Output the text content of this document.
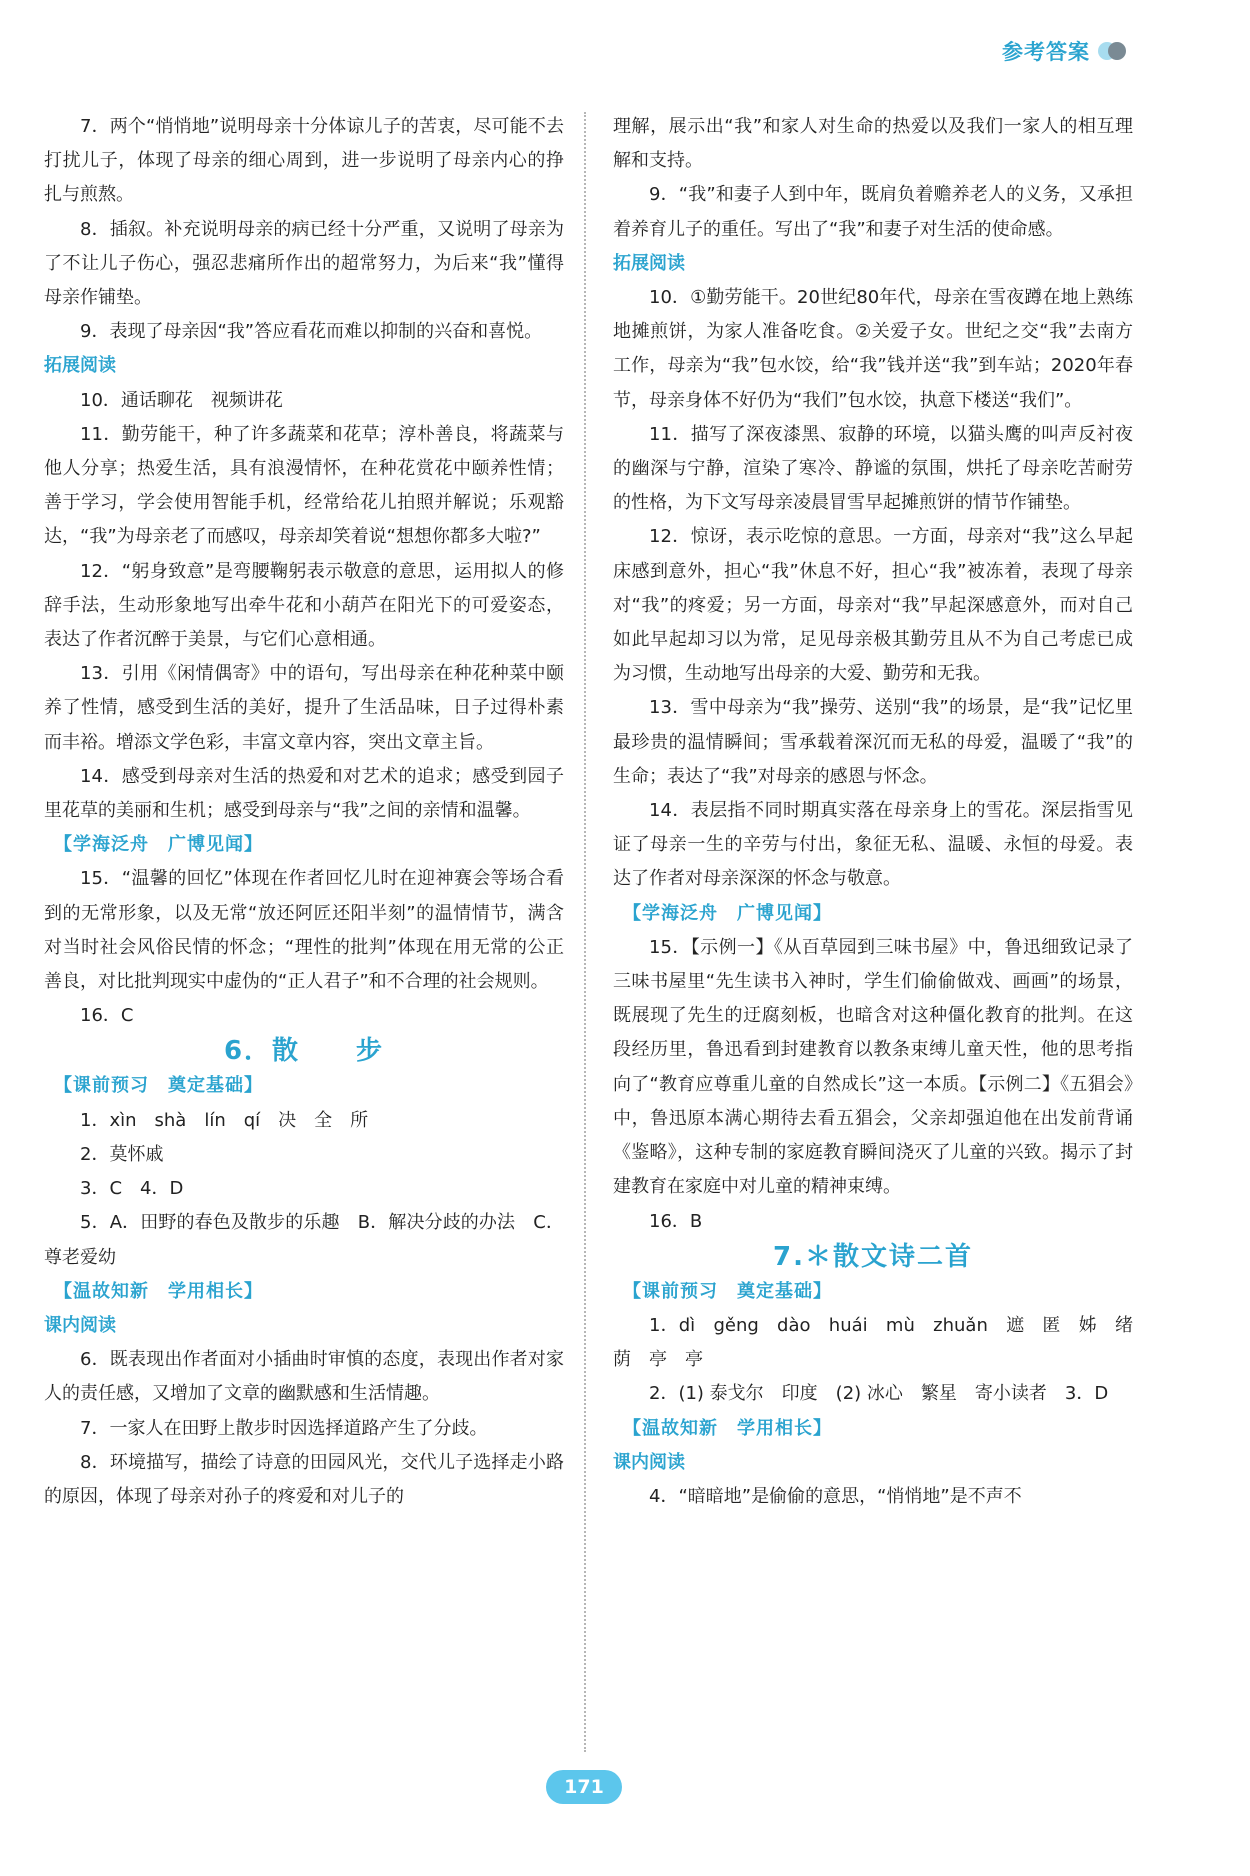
参考答案
7．两个“悄悄地”说明母亲十分体谅儿子的苦衷，尽可能不去打扰儿子，体现了母亲的细心周到，进一步说明了母亲内心的挣扎与煎熬。
8．插叙。补充说明母亲的病已经十分严重，又说明了母亲为了不让儿子伤心，强忍悲痛所作出的超常努力，为后来“我”懂得母亲作铺垫。
9．表现了母亲因“我”答应看花而难以抑制的兴奋和喜悦。
拓展阅读
10．通话聊花　视频讲花
11．勤劳能干，种了许多蔬菜和花草；淳朴善良，将蔬菜与他人分享；热爱生活，具有浪漫情怀，在种花赏花中颐养性情；善于学习，学会使用智能手机，经常给花儿拍照并解说；乐观豁达，“我”为母亲老了而感叹，母亲却笑着说“想想你都多大啦?”
12．“躬身致意”是弯腰鞠躬表示敬意的意思，运用拟人的修辞手法，生动形象地写出牵牛花和小葫芦在阳光下的可爱姿态，表达了作者沉醉于美景，与它们心意相通。
13．引用《闲情偶寄》中的语句，写出母亲在种花种菜中颐养了性情，感受到生活的美好，提升了生活品味，日子过得朴素而丰裕。增添文学色彩，丰富文章内容，突出文章主旨。
14．感受到母亲对生活的热爱和对艺术的追求；感受到园子里花草的美丽和生机；感受到母亲与“我”之间的亲情和温馨。
【学海泛舟　广博见闻】
15．“温馨的回忆”体现在作者回忆儿时在迎神赛会等场合看到的无常形象，以及无常“放还阿匠还阳半刻”的温情情节，满含对当时社会风俗民情的怀念；“理性的批判”体现在用无常的公正善良，对比批判现实中虚伪的“正人君子”和不合理的社会规则。
16．C
6．散　　步
【课前预习　奠定基础】
1．xìn　shà　lín　qí　决　全　所
2．莫怀戚
3．C　4．D
5．A．田野的春色及散步的乐趣　B．解决分歧的办法　C．尊老爱幼
【温故知新　学用相长】
课内阅读
6．既表现出作者面对小插曲时审慎的态度，表现出作者对家人的责任感，又增加了文章的幽默感和生活情趣。
7．一家人在田野上散步时因选择道路产生了分歧。
8．环境描写，描绘了诗意的田园风光，交代儿子选择走小路的原因，体现了母亲对孙子的疼爱和对儿子的
理解，展示出“我”和家人对生命的热爱以及我们一家人的相互理解和支持。
9．“我”和妻子人到中年，既肩负着赡养老人的义务，又承担着养育儿子的重任。写出了“我”和妻子对生活的使命感。
拓展阅读
10．①勤劳能干。20世纪80年代，母亲在雪夜蹲在地上熟练地摊煎饼，为家人准备吃食。②关爱子女。世纪之交“我”去南方工作，母亲为“我”包水饺，给“我”钱并送“我”到车站；2020年春节，母亲身体不好仍为“我们”包水饺，执意下楼送“我们”。
11．描写了深夜漆黑、寂静的环境，以猫头鹰的叫声反衬夜的幽深与宁静，渲染了寒冷、静谧的氛围，烘托了母亲吃苦耐劳的性格，为下文写母亲凌晨冒雪早起摊煎饼的情节作铺垫。
12．惊讶，表示吃惊的意思。一方面，母亲对“我”这么早起床感到意外，担心“我”休息不好，担心“我”被冻着，表现了母亲对“我”的疼爱；另一方面，母亲对“我”早起深感意外，而对自己如此早起却习以为常，足见母亲极其勤劳且从不为自己考虑已成为习惯，生动地写出母亲的大爱、勤劳和无我。
13．雪中母亲为“我”操劳、送别“我”的场景，是“我”记忆里最珍贵的温情瞬间；雪承载着深沉而无私的母爱，温暖了“我”的生命；表达了“我”对母亲的感恩与怀念。
14．表层指不同时期真实落在母亲身上的雪花。深层指雪见证了母亲一生的辛劳与付出，象征无私、温暖、永恒的母爱。表达了作者对母亲深深的怀念与敬意。
【学海泛舟　广博见闻】
15．【示例一】《从百草园到三味书屋》中，鲁迅细致记录了三味书屋里“先生读书入神时，学生们偷偷做戏、画画”的场景，既展现了先生的迂腐刻板，也暗含对这种僵化教育的批判。在这段经历里，鲁迅看到封建教育以教条束缚儿童天性，他的思考指向了“教育应尊重儿童的自然成长”这一本质。【示例二】《五猖会》中，鲁迅原本满心期待去看五猖会，父亲却强迫他在出发前背诵《鉴略》，这种专制的家庭教育瞬间浇灭了儿童的兴致。揭示了封建教育在家庭中对儿童的精神束缚。
16．B
7.＊散文诗二首
【课前预习　奠定基础】
1．dì　gěng　dào　huái　mù　zhuǎn　遮　匿　姊　绪　荫　亭　亭
2．(1) 泰戈尔　印度　(2) 冰心　繁星　寄小读者　3．D
【温故知新　学用相长】
课内阅读
4．“暗暗地”是偷偷的意思，“悄悄地”是不声不
171
